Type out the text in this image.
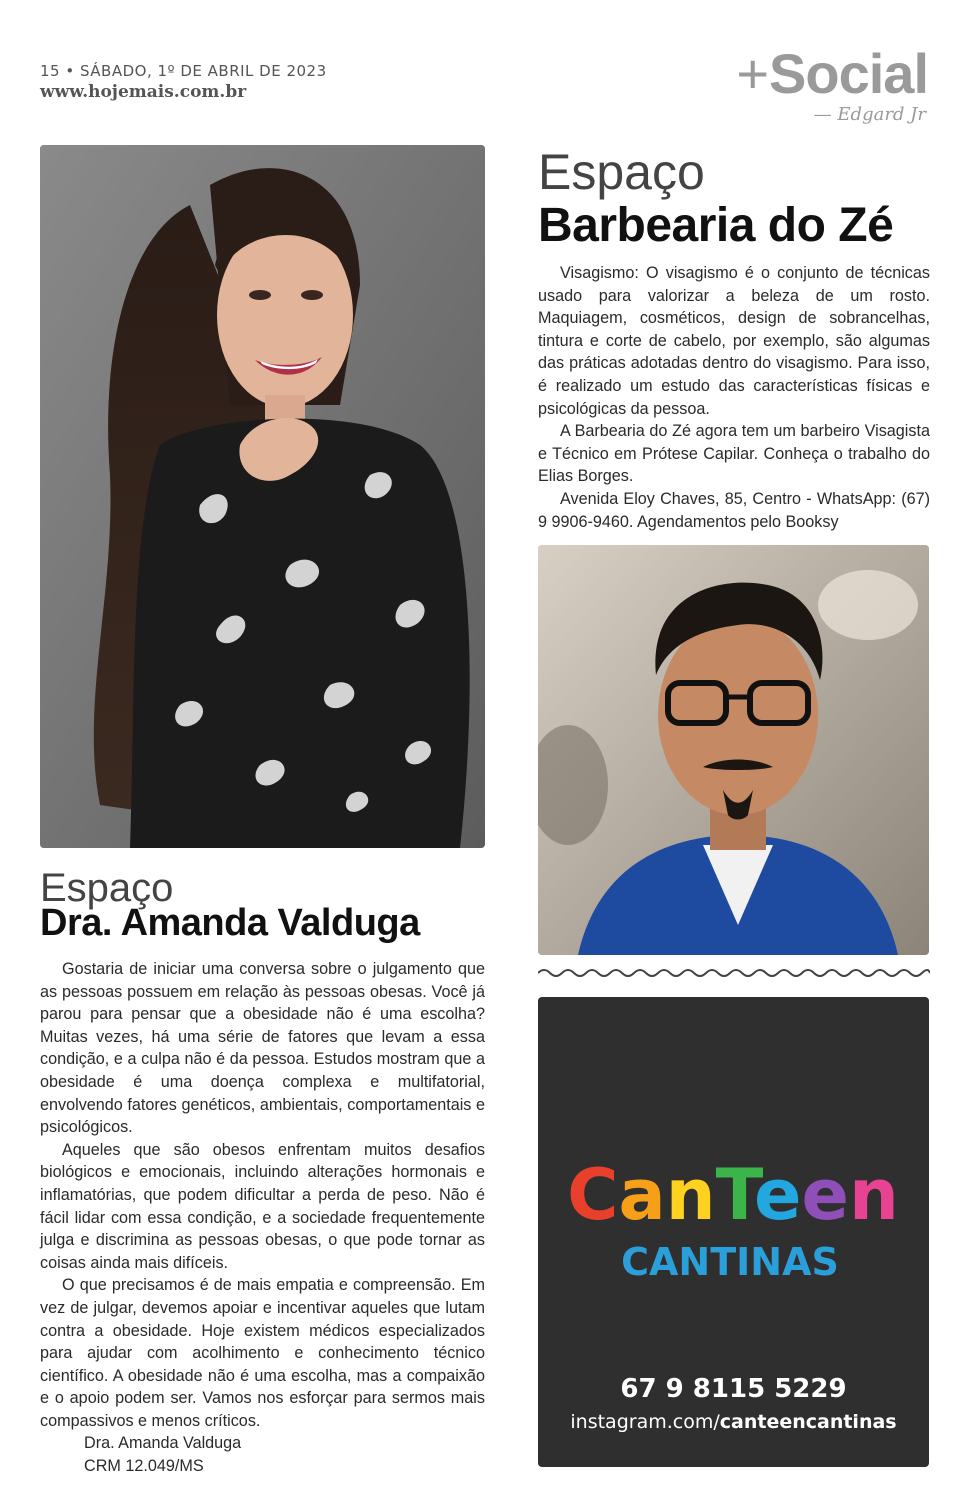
15 • SÁBADO, 1º DE ABRIL DE 2023
www.hojemais.com.br	+Social
— Edgard Jr
Espaço
Barbearia do Zé

Visagismo: O visagismo é o conjunto de técnicas usado para valorizar a beleza de um rosto. Maquiagem, cosméticos, design de sobrancelhas, tintura e corte de cabelo, por exemplo, são algumas das práticas adotadas dentro do visagismo. Para isso, é realizado um estudo das características físicas e psicológicas da pessoa.

A Barbearia do Zé agora tem um barbeiro Visagista e Técnico em Prótese Capilar. Conheça o trabalho do Elias Borges.

Avenida Eloy Chaves, 85, Centro - WhatsApp: (67) 9 9906-9460. Agendamentos pelo Booksy

CanTeen
CANTINAS
67 9 8115 5229
instagram.com/canteencantinas
Espaço
Dra. Amanda Valduga

Gostaria de iniciar uma conversa sobre o julgamento que as pessoas possuem em relação às pessoas obesas. Você já parou para pensar que a obesidade não é uma escolha? Muitas vezes, há uma série de fatores que levam a essa condição, e a culpa não é da pessoa. Estudos mostram que a obesidade é uma doença complexa e multifatorial, envolvendo fatores genéticos, ambientais, comportamentais e psicológicos.

Aqueles que são obesos enfrentam muitos desafios biológicos e emocionais, incluindo alterações hormonais e inflamatórias, que podem dificultar a perda de peso. Não é fácil lidar com essa condição, e a sociedade frequentemente julga e discrimina as pessoas obesas, o que pode tornar as coisas ainda mais difíceis.

O que precisamos é de mais empatia e compreensão. Em vez de julgar, devemos apoiar e incentivar aqueles que lutam contra a obesidade. Hoje existem médicos especializados para ajudar com acolhimento e conhecimento técnico científico. A obesidade não é uma escolha, mas a compaixão e o apoio podem ser. Vamos nos esforçar para sermos mais compassivos e menos críticos.

Dra. Amanda Valduga

CRM 12.049/MS
